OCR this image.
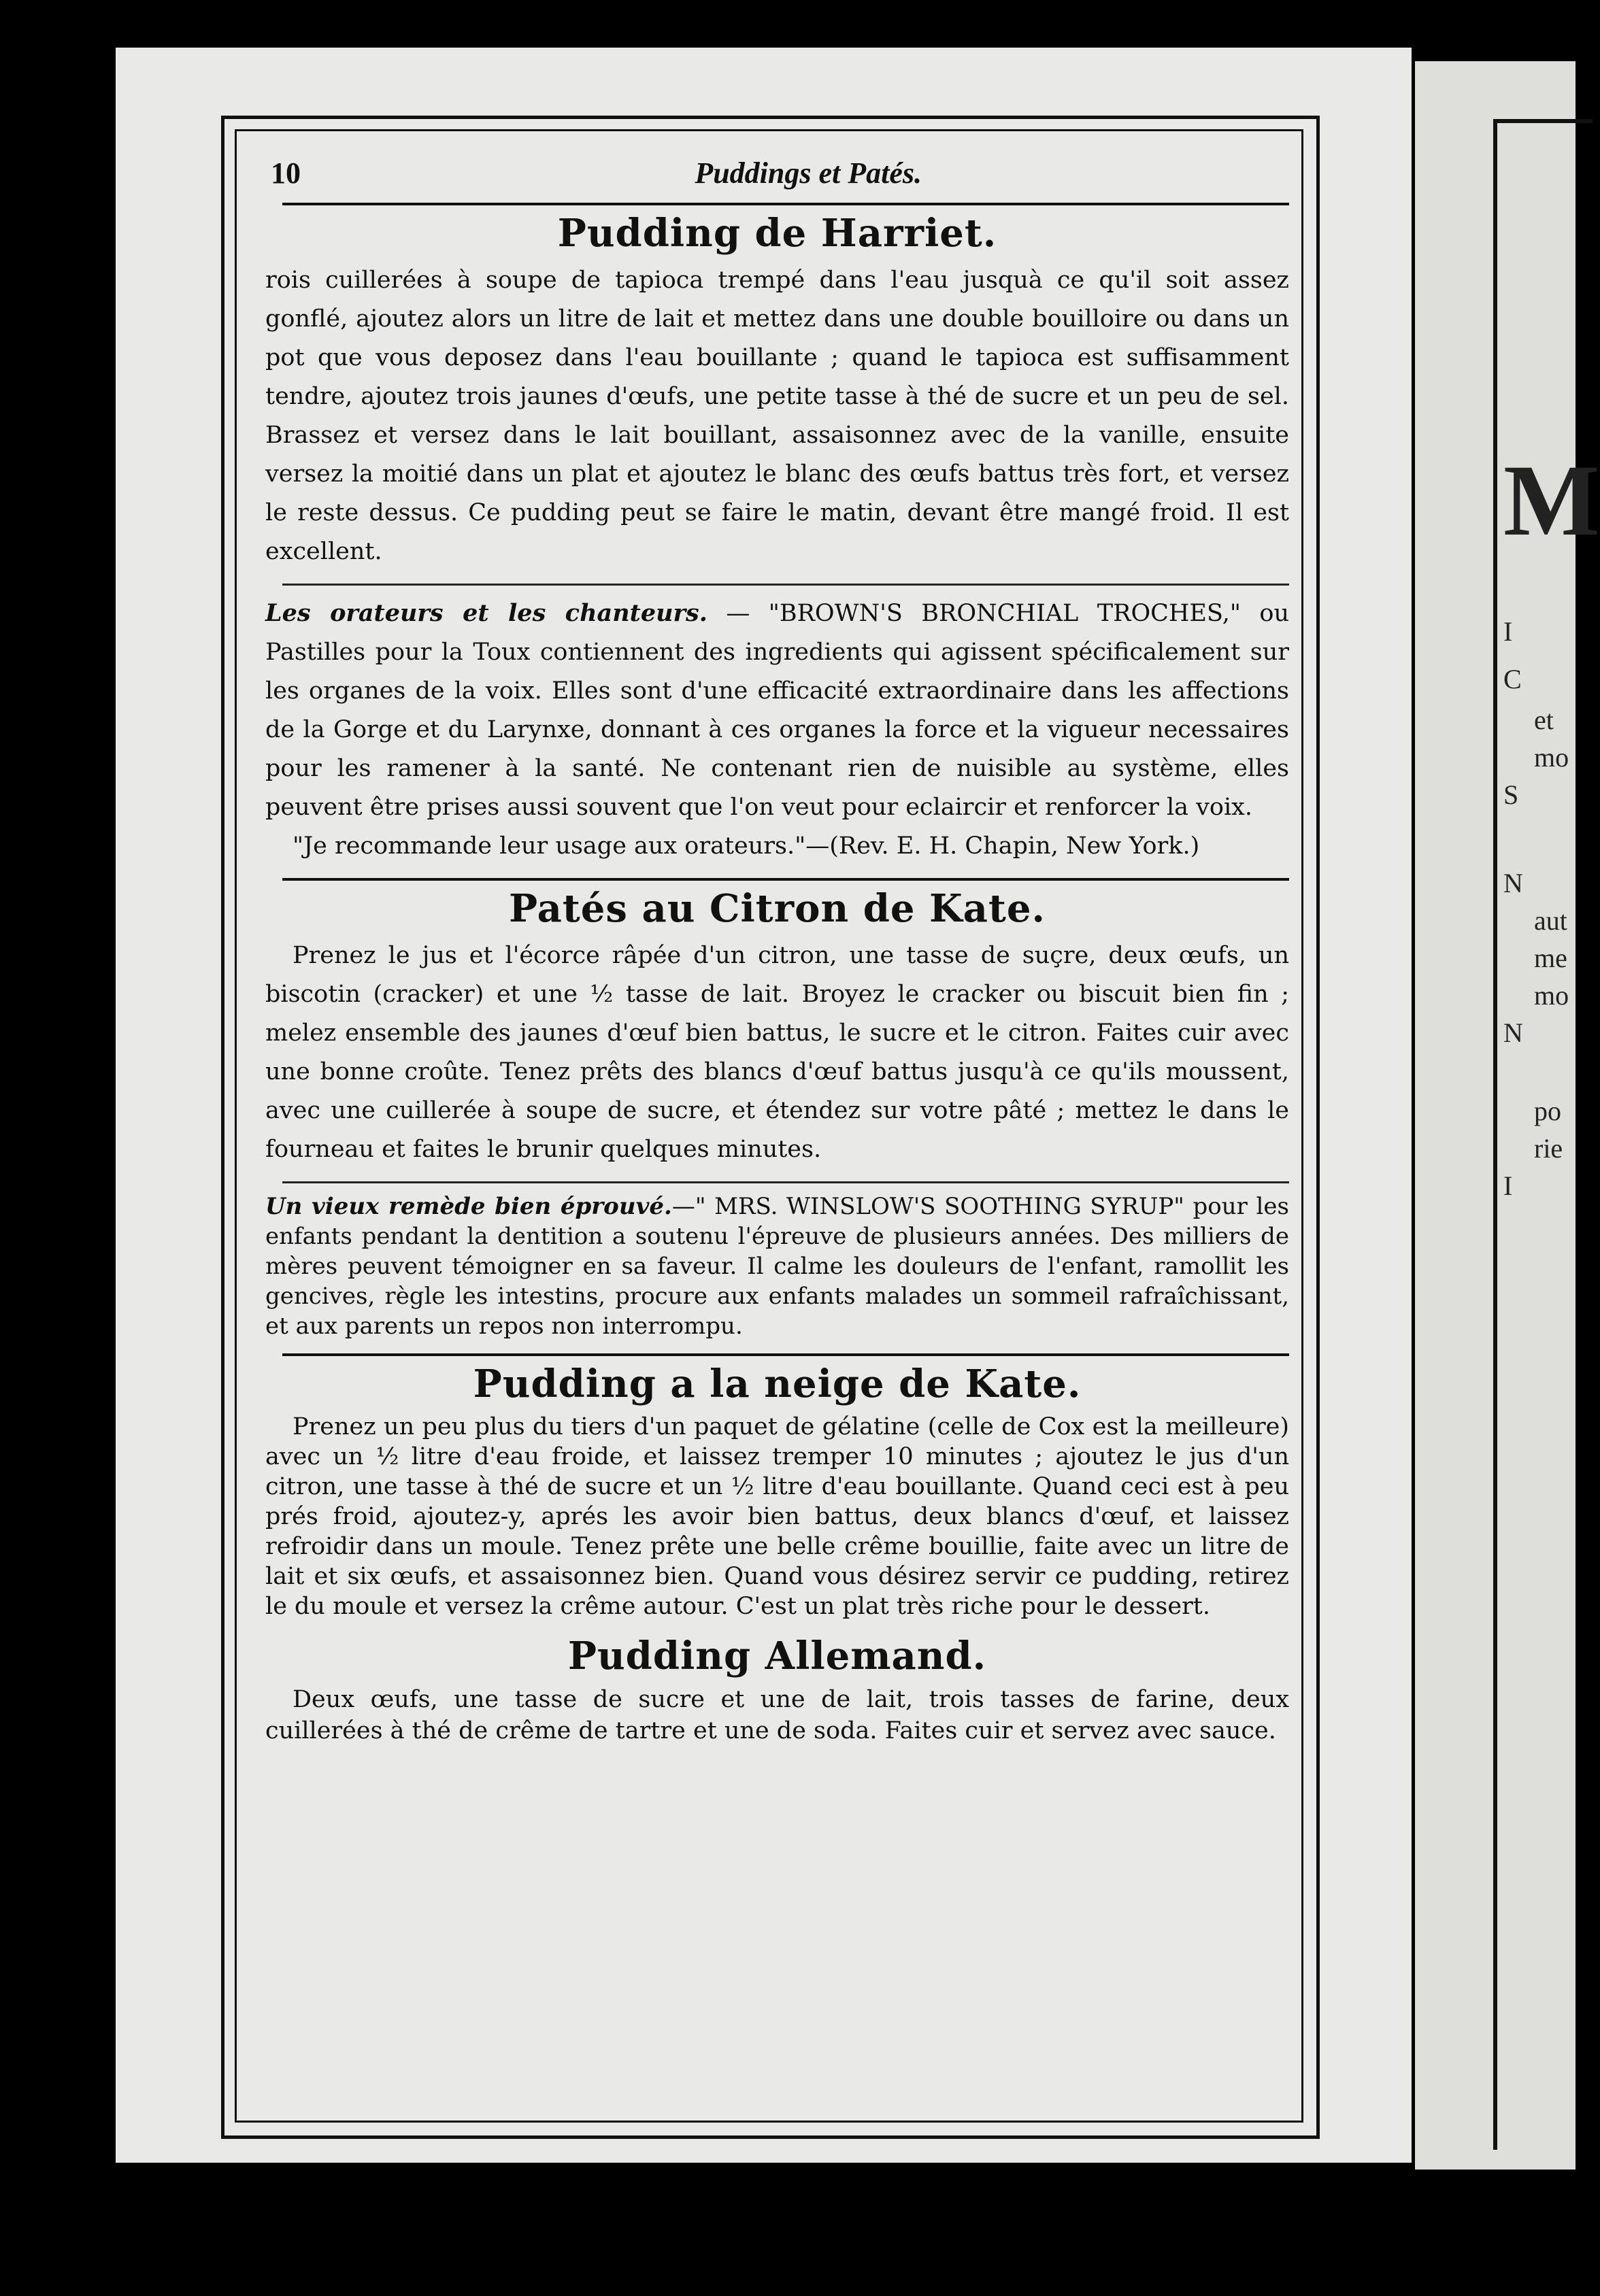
M
I
C
et
mo
S
N
aut
me
mo
N
po
rie
I
10	Puddings et Patés.
Pudding de Harriet.

rois cuillerées à soupe de tapioca trempé dans l'eau jusquà ce qu'il soit assez gonflé, ajoutez alors un litre de lait et mettez dans une double bouilloire ou dans un pot que vous deposez dans l'eau bouillante ; quand le tapioca est suffisamment tendre, ajoutez trois jaunes d'œufs, une petite tasse à thé de sucre et un peu de sel. Brassez et versez dans le lait bouillant, assaisonnez avec de la vanille, ensuite versez la moitié dans un plat et ajoutez le blanc des œufs battus très fort, et versez le reste dessus. Ce pudding peut se faire le matin, devant être mangé froid. Il est excellent.

Les orateurs et les chanteurs. — "BROWN'S BRONCHIAL TROCHES," ou Pastilles pour la Toux contiennent des ingredients qui agissent spécificalement sur les organes de la voix. Elles sont d'une efficacité extraordinaire dans les affections de la Gorge et du Larynxe, donnant à ces organes la force et la vigueur necessaires pour les ramener à la santé. Ne contenant rien de nuisible au système, elles peuvent être prises aussi souvent que l'on veut pour eclaircir et renforcer la voix.

"Je recommande leur usage aux orateurs."—(Rev. E. H. Chapin, New York.)

Patés au Citron de Kate.

Prenez le jus et l'écorce râpée d'un citron, une tasse de suçre, deux œufs, un biscotin (cracker) et une ½ tasse de lait. Broyez le cracker ou biscuit bien fin ; melez ensemble des jaunes d'œuf bien battus, le sucre et le citron. Faites cuir avec une bonne croûte. Tenez prêts des blancs d'œuf battus jusqu'à ce qu'ils moussent, avec une cuillerée à soupe de sucre, et étendez sur votre pâté ; mettez le dans le fourneau et faites le brunir quelques minutes.

Un vieux remède bien éprouvé.—" MRS. WINSLOW'S SOOTHING SYRUP" pour les enfants pendant la dentition a soutenu l'épreuve de plusieurs années. Des milliers de mères peuvent témoigner en sa faveur. Il calme les douleurs de l'enfant, ramollit les gencives, règle les intestins, procure aux enfants malades un sommeil rafraîchissant, et aux parents un repos non interrompu.

Pudding a la neige de Kate.

Prenez un peu plus du tiers d'un paquet de gélatine (celle de Cox est la meilleure) avec un ½ litre d'eau froide, et laissez tremper 10 minutes ; ajoutez le jus d'un citron, une tasse à thé de sucre et un ½ litre d'eau bouillante. Quand ceci est à peu prés froid, ajoutez-y, aprés les avoir bien battus, deux blancs d'œuf, et laissez refroidir dans un moule. Tenez prête une belle crême bouillie, faite avec un litre de lait et six œufs, et assaisonnez bien. Quand vous désirez servir ce pudding, retirez le du moule et versez la crême autour. C'est un plat très riche pour le dessert.

Pudding Allemand.

Deux œufs, une tasse de sucre et une de lait, trois tasses de farine, deux cuillerées à thé de crême de tartre et une de soda. Faites cuir et servez avec sauce.
